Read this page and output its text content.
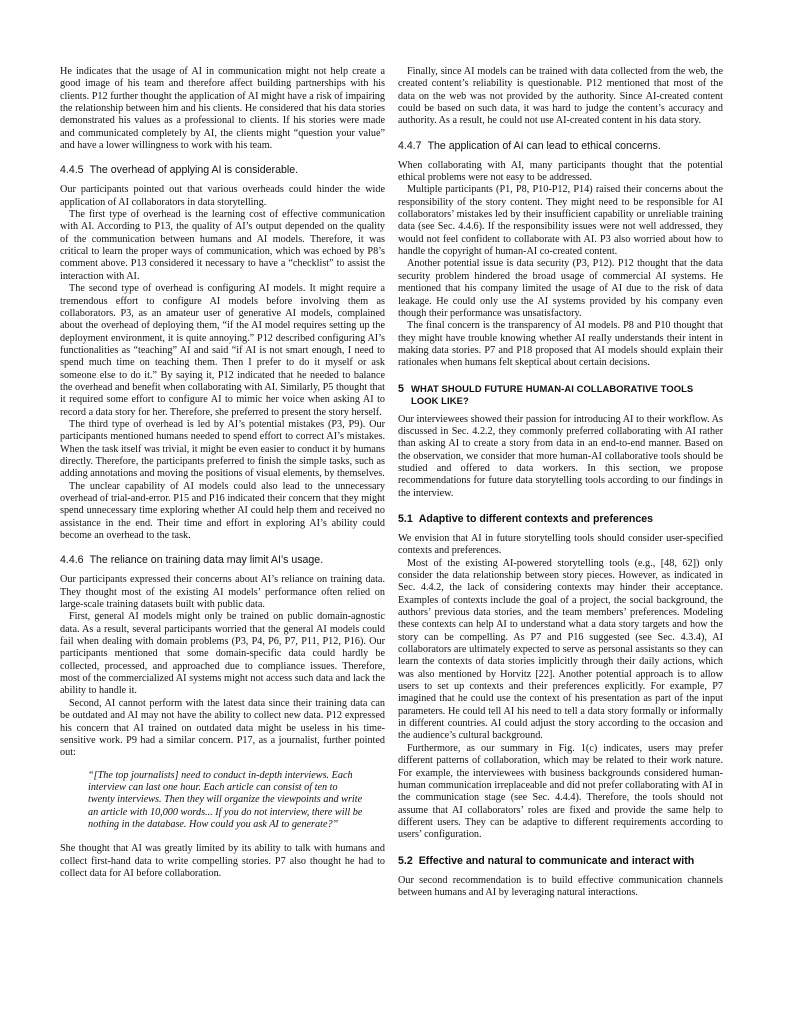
He indicates that the usage of AI in communication might not help create a good image of his team and therefore affect building partnerships with his clients. P12 further thought the application of AI might have a risk of impairing the relationship between him and his clients. He considered that his data stories demonstrated his values as a professional to clients. If his stories were made and communicated completely by AI, the clients might “question your value” and have a lower willingness to work with his team.

4.4.5 The overhead of applying AI is considerable.

Our participants pointed out that various overheads could hinder the wide application of AI collaborators in data storytelling.

The first type of overhead is the learning cost of effective communication with AI. According to P13, the quality of AI’s output depended on the quality of the communication between humans and AI models. Therefore, it was critical to learn the proper ways of communication, which was echoed by P8’s comment above. P13 considered it necessary to have a “checklist” to assist the interaction with AI.

The second type of overhead is configuring AI models. It might require a tremendous effort to configure AI models before involving them as collaborators. P3, as an amateur user of generative AI models, complained about the overhead of deploying them, “if the AI model requires setting up the deployment environment, it is quite annoying.” P12 described configuring AI’s functionalities as “teaching” AI and said “if AI is not smart enough, I need to spend much time on teaching them. Then I prefer to do it myself or ask someone else to do it.” By saying it, P12 indicated that he needed to balance the overhead and benefit when collaborating with AI. Similarly, P5 thought that it required some effort to configure AI to mimic her voice when asking AI to record a data story for her. Therefore, she preferred to present the story herself.

The third type of overhead is led by AI’s potential mistakes (P3, P9). Our participants mentioned humans needed to spend effort to correct AI’s mistakes. When the task itself was trivial, it might be even easier to conduct it by humans directly. Therefore, the participants preferred to finish the simple tasks, such as adding annotations and moving the positions of visual elements, by themselves.

The unclear capability of AI models could also lead to the unnecessary overhead of trial-and-error. P15 and P16 indicated their concern that they might spend unnecessary time exploring whether AI could help them and received no assistance in the end. Their time and effort in exploring AI’s ability could become an overhead to the task.

4.4.6 The reliance on training data may limit AI’s usage.

Our participants expressed their concerns about AI’s reliance on training data. They thought most of the existing AI models’ performance often relied on large-scale training datasets built with public data.

First, general AI models might only be trained on public domain-agnostic data. As a result, several participants worried that the general AI models could fail when dealing with domain problems (P3, P4, P6, P7, P11, P12, P16). Our participants mentioned that some domain-specific data could hardly be collected, processed, and approached due to compliance issues. Therefore, most of the commercialized AI systems might not access such data and lack the ability to handle it.

Second, AI cannot perform with the latest data since their training data can be outdated and AI may not have the ability to collect new data. P12 expressed his concern that AI trained on outdated data might be useless in his time-sensitive work. P9 had a similar concern. P17, as a journalist, further pointed out:

“[The top journalists] need to conduct in-depth interviews. Each interview can last one hour. Each article can consist of ten to twenty interviews. Then they will organize the viewpoints and write an article with 10,000 words... If you do not interview, there will be nothing in the database. How could you ask AI to generate?”

She thought that AI was greatly limited by its ability to talk with humans and collect first-hand data to write compelling stories. P7 also thought he had to collect data for AI before collaboration.

Finally, since AI models can be trained with data collected from the web, the created content’s reliability is questionable. P12 mentioned that most of the data on the web was not provided by the authority. Since AI-created content could be based on such data, it was hard to judge the content’s accuracy and authority. As a result, he could not use AI-created content in his data story.

4.4.7 The application of AI can lead to ethical concerns.

When collaborating with AI, many participants thought that the potential ethical problems were not easy to be addressed.

Multiple participants (P1, P8, P10-P12, P14) raised their concerns about the responsibility of the story content. They might need to be responsible for AI collaborators’ mistakes led by their insufficient capability or unreliable training data (see Sec. 4.4.6). If the responsibility issues were not well addressed, they would not feel confident to collaborate with AI. P3 also worried about how to handle the copyright of human-AI co-created content.

Another potential issue is data security (P3, P12). P12 thought that the data security problem hindered the broad usage of commercial AI systems. He mentioned that his company limited the usage of AI due to the risk of data leakage. He could only use the AI systems provided by his company even though their performance was unsatisfactory.

The final concern is the transparency of AI models. P8 and P10 thought that they might have trouble knowing whether AI really understands their intent in making data stories. P7 and P18 proposed that AI models should explain their rationales when humans felt skeptical about certain decisions.

5 WHAT SHOULD FUTURE HUMAN-AI COLLABORATIVE TOOLS LOOK LIKE?

Our interviewees showed their passion for introducing AI to their workflow. As discussed in Sec. 4.2.2, they commonly preferred collaborating with AI rather than asking AI to create a story from data in an end-to-end manner. Based on the observation, we consider that more human-AI collaborative tools should be studied and offered to data workers. In this section, we propose recommendations for future data storytelling tools according to our findings in the interview.

5.1 Adaptive to different contexts and preferences

We envision that AI in future storytelling tools should consider user-specified contexts and preferences.

Most of the existing AI-powered storytelling tools (e.g., [48, 62]) only consider the data relationship between story pieces. However, as indicated in Sec. 4.4.2, the lack of considering contexts may hinder their acceptance. Examples of contexts include the goal of a project, the social background, the authors’ previous data stories, and the team members’ preferences. Modeling these contexts can help AI to understand what a data story targets and how the story can be compelling. As P7 and P16 suggested (see Sec. 4.3.4), AI collaborators are ultimately expected to serve as personal assistants so they can learn the contexts of data stories implicitly through their daily actions, which was also mentioned by Horvitz [22]. Another potential approach is to allow users to set up contexts and their preferences explicitly. For example, P7 imagined that he could use the context of his presentation as part of the input parameters. He could tell AI his need to tell a data story formally or informally in different countries. AI could adjust the story according to the occasion and the audience’s cultural background.

Furthermore, as our summary in Fig. 1(c) indicates, users may prefer different patterns of collaboration, which may be related to their work nature. For example, the interviewees with business backgrounds considered human-human communication irreplaceable and did not prefer collaborating with AI in the communication stage (see Sec. 4.4.4). Therefore, the tools should not assume that AI collaborators’ roles are fixed and provide the same help to different users. They can be adaptive to different requirements according to users’ configuration.

5.2 Effective and natural to communicate and interact with

Our second recommendation is to build effective communication channels between humans and AI by leveraging natural interactions.
